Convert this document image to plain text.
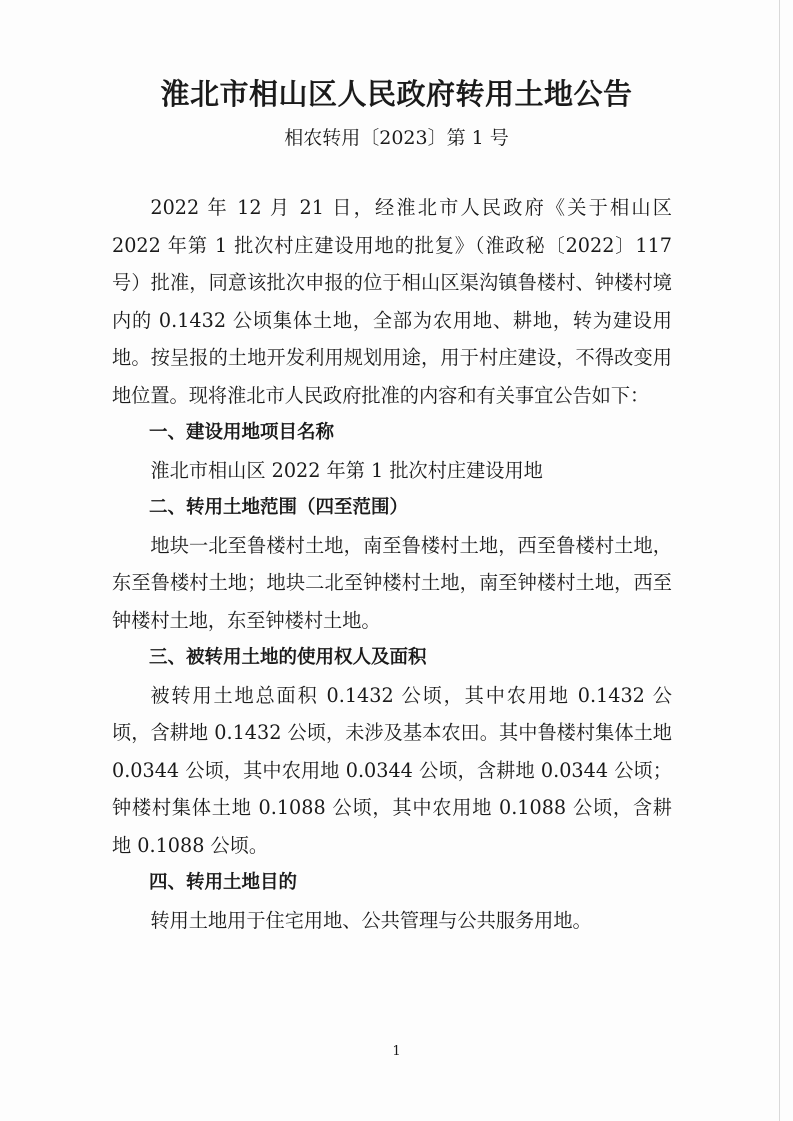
淮北市相山区人民政府转用土地公告
相农转用〔2023〕第 1 号

2022 年 12 月 21 日，经淮北市人民政府《关于相山区 2022 年第 1 批次村庄建设用地的批复》（淮政秘〔2022〕117 号）批准，同意该批次申报的位于相山区渠沟镇鲁楼村、钟楼村境内的 0.1432 公顷集体土地，全部为农用地、耕地，转为建设用地。按呈报的土地开发利用规划用途，用于村庄建设，不得改变用地位置。现将淮北市人民政府批准的内容和有关事宜公告如下：

一、建设用地项目名称

淮北市相山区 2022 年第 1 批次村庄建设用地

二、转用土地范围（四至范围）

地块一北至鲁楼村土地，南至鲁楼村土地，西至鲁楼村土地，东至鲁楼村土地；地块二北至钟楼村土地，南至钟楼村土地，西至钟楼村土地，东至钟楼村土地。

三、被转用土地的使用权人及面积

被转用土地总面积 0.1432 公顷，其中农用地 0.1432 公顷，含耕地 0.1432 公顷，未涉及基本农田。其中鲁楼村集体土地 0.0344 公顷，其中农用地 0.0344 公顷，含耕地 0.0344 公顷；钟楼村集体土地 0.1088 公顷，其中农用地 0.1088 公顷，含耕地 0.1088 公顷。

四、转用土地目的

转用土地用于住宅用地、公共管理与公共服务用地。

1
